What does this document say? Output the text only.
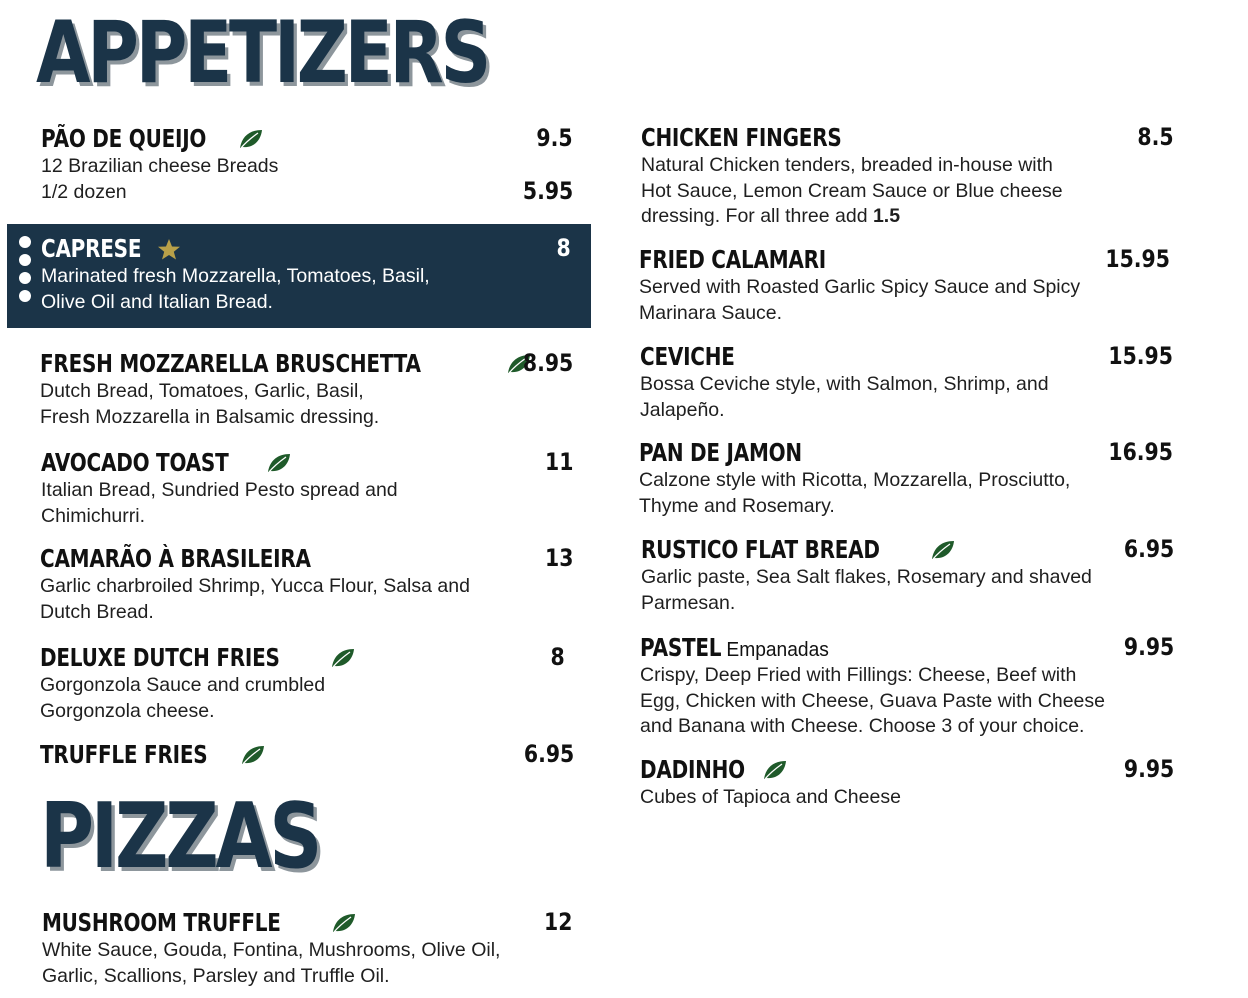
APPETIZERS
PÃO DE QUEIJO	9.5
12 Brazilian cheese Breads
1/2 dozen	5.95
CAPRESE	8
Marinated fresh Mozzarella, Tomatoes, Basil,
Olive Oil and Italian Bread.
FRESH MOZZARELLA BRUSCHETTA	8.95
Dutch Bread, Tomatoes, Garlic, Basil,
Fresh Mozzarella in Balsamic dressing.
AVOCADO TOAST	11
Italian Bread, Sundried Pesto spread and
Chimichurri.
CAMARÃO À BRASILEIRA	13
Garlic charbroiled Shrimp, Yucca Flour, Salsa and
Dutch Bread.
DELUXE DUTCH FRIES	8
Gorgonzola Sauce and crumbled
Gorgonzola cheese.
TRUFFLE FRIES	6.95
PIZZAS
MUSHROOM TRUFFLE	12
White Sauce, Gouda, Fontina, Mushrooms, Olive Oil,
Garlic, Scallions, Parsley and Truffle Oil.
CHICKEN FINGERS	8.5
Natural Chicken tenders, breaded in-house with
Hot Sauce, Lemon Cream Sauce or Blue cheese
dressing. For all three add 1.5
FRIED CALAMARI	15.95
Served with Roasted Garlic Spicy Sauce and Spicy
Marinara Sauce.
CEVICHE	15.95
Bossa Ceviche style, with Salmon, Shrimp, and
Jalapeño.
PAN DE JAMON	16.95
Calzone style with Ricotta, Mozzarella, Prosciutto,
Thyme and Rosemary.
RUSTICO FLAT BREAD	6.95
Garlic paste, Sea Salt flakes, Rosemary and shaved
Parmesan.
PASTEL Empanadas	9.95
Crispy, Deep Fried with Fillings: Cheese, Beef with
Egg, Chicken with Cheese, Guava Paste with Cheese
and Banana with Cheese. Choose 3 of your choice.
DADINHO	9.95
Cubes of Tapioca and Cheese
